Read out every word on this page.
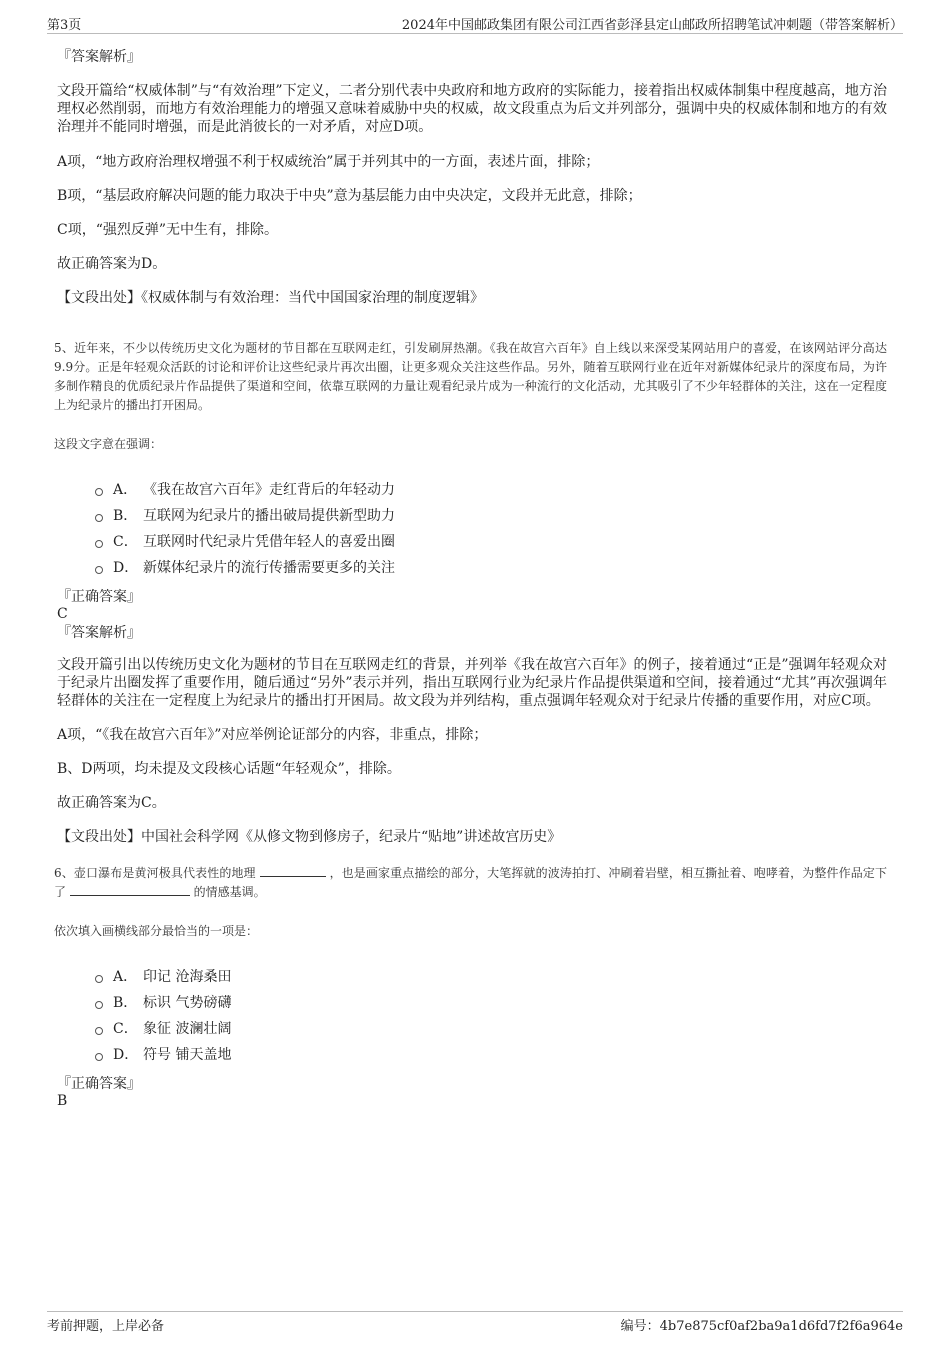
第3页	2024年中国邮政集团有限公司江西省彭泽县定山邮政所招聘笔试冲刺题（带答案解析）

『答案解析』

文段开篇给“权威体制”与“有效治理”下定义，二者分别代表中央政府和地方政府的实际能力，接着指出权威体制集中程度越高，地方治理权必然削弱，而地方有效治理能力的增强又意味着威胁中央的权威，故文段重点为后文并列部分，强调中央的权威体制和地方的有效治理并不能同时增强，而是此消彼长的一对矛盾，对应D项。

A项，“地方政府治理权增强不利于权威统治”属于并列其中的一方面，表述片面，排除；

B项，“基层政府解决问题的能力取决于中央”意为基层能力由中央决定，文段并无此意，排除；

C项，“强烈反弹”无中生有，排除。

故正确答案为D。

【文段出处】《权威体制与有效治理：当代中国国家治理的制度逻辑》

5、近年来，不少以传统历史文化为题材的节目都在互联网走红，引发刷屏热潮。《我在故宫六百年》自上线以来深受某网站用户的喜爱，在该网站评分高达9.9分。正是年轻观众活跃的讨论和评价让这些纪录片再次出圈，让更多观众关注这些作品。另外，随着互联网行业在近年对新媒体纪录片的深度布局，为许多制作精良的优质纪录片作品提供了渠道和空间，依靠互联网的力量让观看纪录片成为一种流行的文化活动，尤其吸引了不少年轻群体的关注，这在一定程度上为纪录片的播出打开困局。

这段文字意在强调：

A． 《我在故宫六百年》走红背后的年轻动力
B． 互联网为纪录片的播出破局提供新型助力
C． 互联网时代纪录片凭借年轻人的喜爱出圈
D． 新媒体纪录片的流行传播需要更多的关注

『正确答案』

C

『答案解析』

文段开篇引出以传统历史文化为题材的节目在互联网走红的背景，并列举《我在故宫六百年》的例子，接着通过“正是”强调年轻观众对于纪录片出圈发挥了重要作用，随后通过“另外”表示并列，指出互联网行业为纪录片作品提供渠道和空间，接着通过“尤其”再次强调年轻群体的关注在一定程度上为纪录片的播出打开困局。故文段为并列结构，重点强调年轻观众对于纪录片传播的重要作用，对应C项。

A项，“《我在故宫六百年》”对应举例论证部分的内容，非重点，排除；

B、D两项，均未提及文段核心话题“年轻观众”，排除。

故正确答案为C。

【文段出处】中国社会科学网《从修文物到修房子，纪录片“贴地”讲述故宫历史》

6、壶口瀑布是黄河极具代表性的地理	，也是画家重点描绘的部分，大笔挥就的波涛拍打、冲刷着岩壁，相互撕扯着、咆哮着，为整件作品定下了	的情感基调。

依次填入画横线部分最恰当的一项是：

A． 印记 沧海桑田
B． 标识 气势磅礴
C． 象征 波澜壮阔
D． 符号 铺天盖地

『正确答案』

B

考前押题，上岸必备	编号：4b7e875cf0af2ba9a1d6fd7f2f6a964e
